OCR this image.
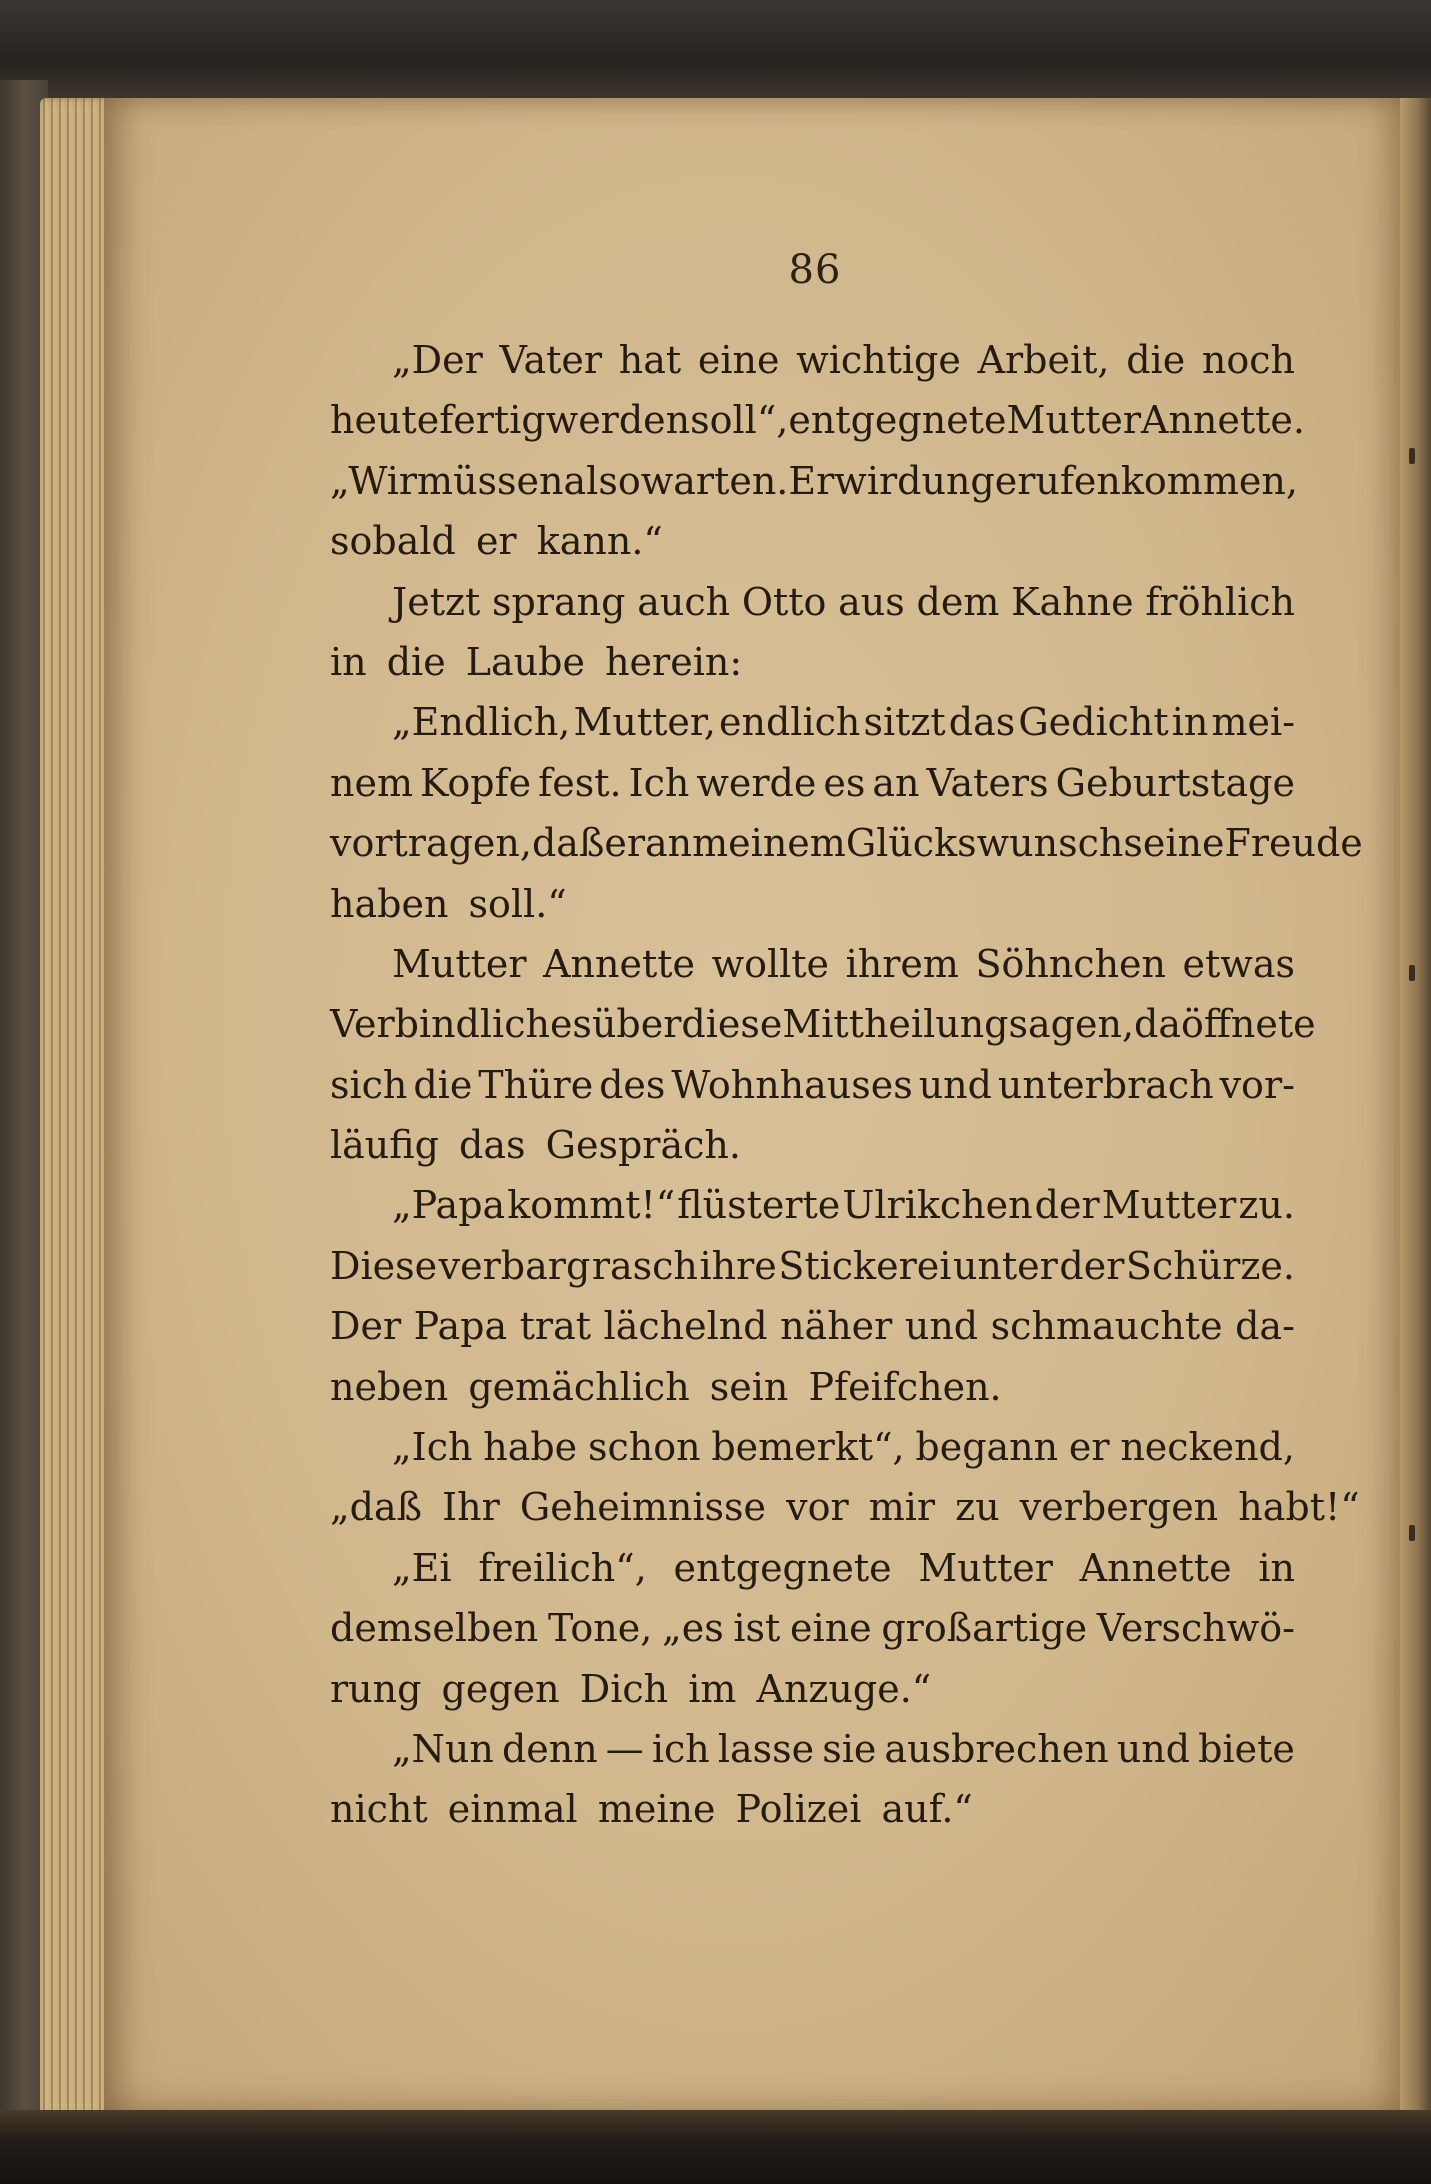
86
„Der Vater hat eine wichtige Arbeit, die noch
heute fertig werden soll“, entgegnete Mutter Annette.
„Wir müssen also warten. Er wird ungerufen kommen,
sobald
er
kann.“
Jetzt sprang auch Otto aus dem Kahne fröhlich
in
die
Laube
herein:
„Endlich, Mutter, endlich sitzt das Gedicht in mei-
nem Kopfe fest. Ich werde es an Vaters Geburtstage
vortragen, daß er an meinem Glückswunsch seine Freude
haben
soll.“
Mutter Annette wollte ihrem Söhnchen etwas
Verbindliches über diese Mittheilung sagen, da öffnete
sich die Thüre des Wohnhauses und unterbrach vor-
läufig
das
Gespräch.
„Papa kommt!“ flüsterte Ulrikchen der Mutter zu.
Diese verbarg rasch ihre Stickerei unter der Schürze.
Der Papa trat lächelnd näher und schmauchte da-
neben
gemächlich
sein
Pfeifchen.
„Ich habe schon bemerkt“, begann er neckend,
„daß
Ihr
Geheimnisse
vor
mir
zu
verbergen
habt!“
„Ei freilich“, entgegnete Mutter Annette in
demselben Tone, „es ist eine großartige Verschwö-
rung
gegen
Dich
im
Anzuge.“
„Nun denn — ich lasse sie ausbrechen und biete
nicht
einmal
meine
Polizei
auf.“
